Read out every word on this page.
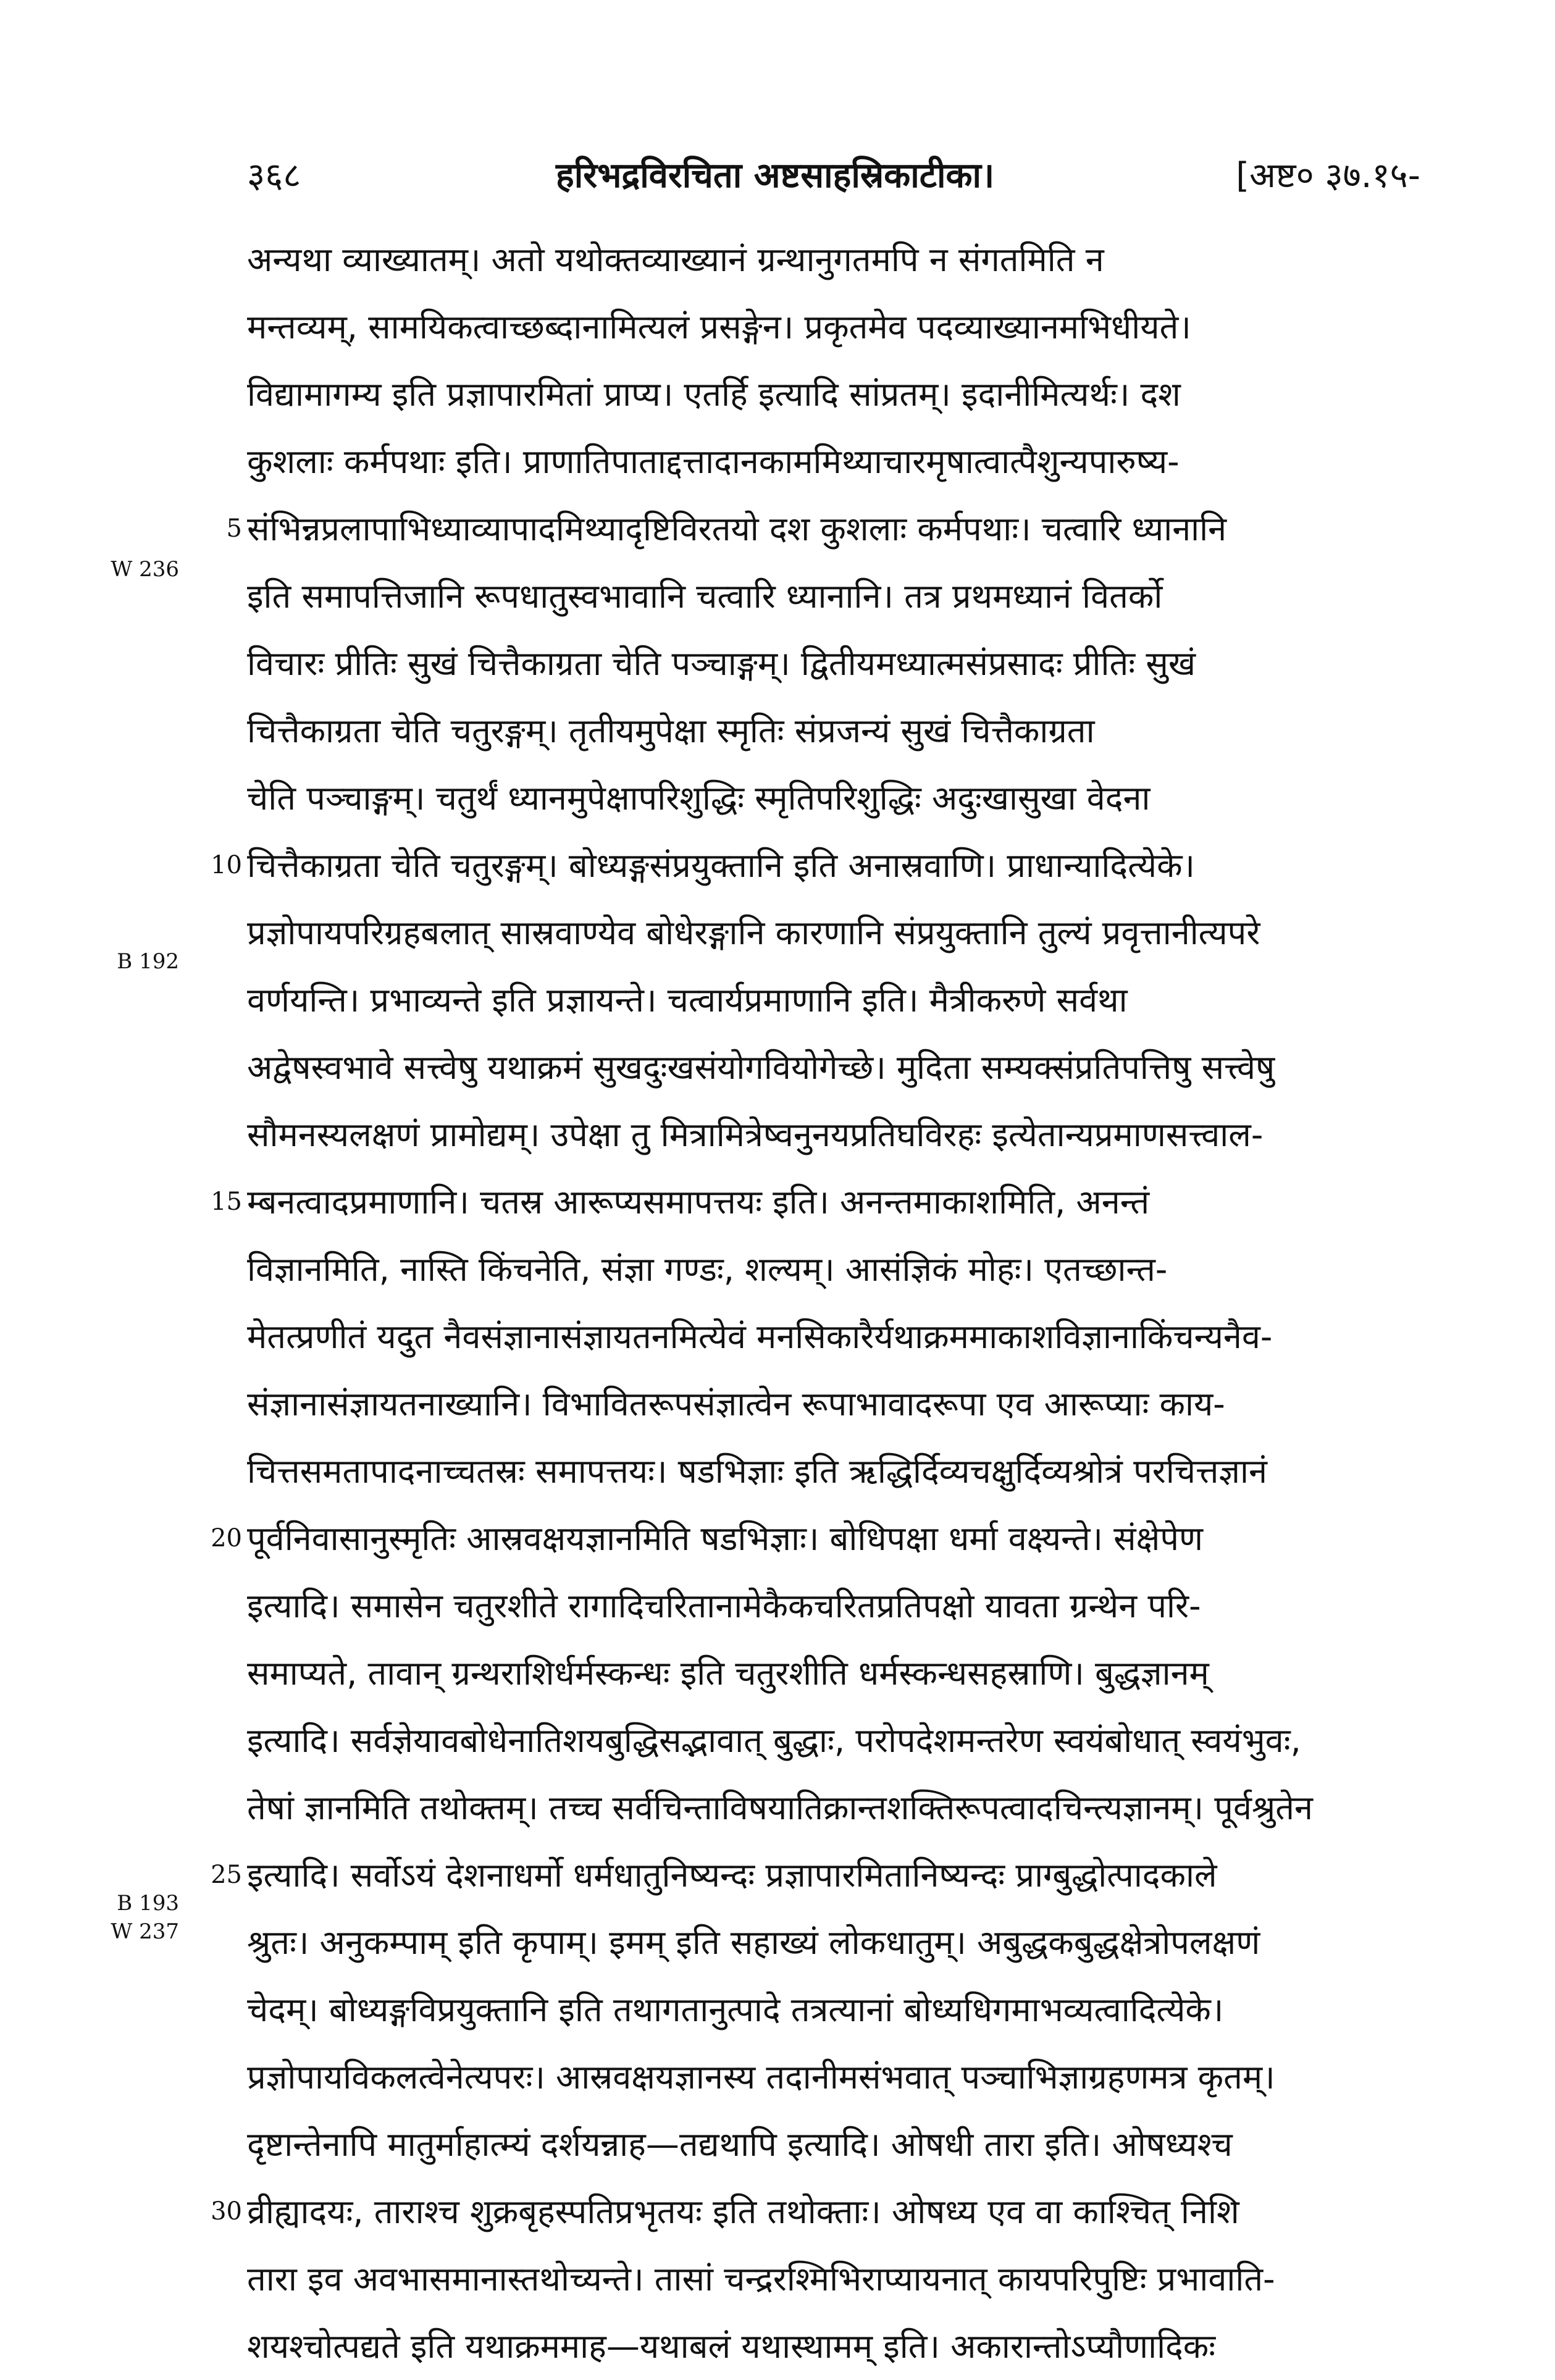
३६८	हरिभद्रविरचिता अष्टसाहस्रिकाटीका।	[अष्ट० ३७.१५-
W 236
B 192
B 193
W 237
अन्यथा व्याख्यातम्। अतो यथोक्तव्याख्यानं ग्रन्थानुगतमपि न संगतमिति न
मन्तव्यम्, सामयिकत्वाच्छब्दानामित्यलं प्रसङ्गेन। प्रकृतमेव पदव्याख्यानमभिधीयते।
विद्यामागम्य इति प्रज्ञापारमितां प्राप्य। एतर्हि इत्यादि सांप्रतम्। इदानीमित्यर्थः। दश
कुशलाः कर्मपथाः इति। प्राणातिपाताद्दत्तादानकाममिथ्याचारमृषात्वात्पैशुन्यपारुष्य-
5 संभिन्नप्रलापाभिध्याव्यापादमिथ्यादृष्टिविरतयो दश कुशलाः कर्मपथाः। चत्वारि ध्यानानि
इति समापत्तिजानि रूपधातुस्वभावानि चत्वारि ध्यानानि। तत्र प्रथमध्यानं वितर्को
विचारः प्रीतिः सुखं चित्तैकाग्रता चेति पञ्चाङ्गम्। द्वितीयमध्यात्मसंप्रसादः प्रीतिः सुखं
चित्तैकाग्रता चेति चतुरङ्गम्। तृतीयमुपेक्षा स्मृतिः संप्रजन्यं सुखं चित्तैकाग्रता
चेति पञ्चाङ्गम्। चतुर्थं ध्यानमुपेक्षापरिशुद्धिः स्मृतिपरिशुद्धिः अदुःखासुखा वेदना
10 चित्तैकाग्रता चेति चतुरङ्गम्। बोध्यङ्गसंप्रयुक्तानि इति अनास्रवाणि। प्राधान्यादित्येके।
प्रज्ञोपायपरिग्रहबलात् सास्रवाण्येव बोधेरङ्गानि कारणानि संप्रयुक्तानि तुल्यं प्रवृत्तानीत्यपरे
वर्णयन्ति। प्रभाव्यन्ते इति प्रज्ञायन्ते। चत्वार्यप्रमाणानि इति। मैत्रीकरुणे सर्वथा
अद्वेषस्वभावे सत्त्वेषु यथाक्रमं सुखदुःखसंयोगवियोगेच्छे। मुदिता सम्यक्संप्रतिपत्तिषु सत्त्वेषु
सौमनस्यलक्षणं प्रामोद्यम्। उपेक्षा तु मित्रामित्रेष्वनुनयप्रतिघविरहः इत्येतान्यप्रमाणसत्त्वाल-
15 म्बनत्वादप्रमाणानि। चतस्र आरूप्यसमापत्तयः इति। अनन्तमाकाशमिति, अनन्तं
विज्ञानमिति, नास्ति किंचनेति, संज्ञा गण्डः, शल्यम्। आसंज्ञिकं मोहः। एतच्छान्त-
मेतत्प्रणीतं यदुत नैवसंज्ञानासंज्ञायतनमित्येवं मनसिकारैर्यथाक्रममाकाशविज्ञानाकिंचन्यनैव-
संज्ञानासंज्ञायतनाख्यानि। विभावितरूपसंज्ञात्वेन रूपाभावादरूपा एव आरूप्याः काय-
चित्तसमतापादनाच्चतस्रः समापत्तयः। षडभिज्ञाः इति ऋद्धिर्दिव्यचक्षुर्दिव्यश्रोत्रं परचित्तज्ञानं
20 पूर्वनिवासानुस्मृतिः आस्रवक्षयज्ञानमिति षडभिज्ञाः। बोधिपक्षा धर्मा वक्ष्यन्ते। संक्षेपेण
इत्यादि। समासेन चतुरशीते रागादिचरितानामेकैकचरितप्रतिपक्षो यावता ग्रन्थेन परि-
समाप्यते, तावान् ग्रन्थराशिर्धर्मस्कन्धः इति चतुरशीति धर्मस्कन्धसहस्राणि। बुद्धज्ञानम्
इत्यादि। सर्वज्ञेयावबोधेनातिशयबुद्धिसद्भावात् बुद्धाः, परोपदेशमन्तरेण स्वयंबोधात् स्वयंभुवः,
तेषां ज्ञानमिति तथोक्तम्। तच्च सर्वचिन्ताविषयातिक्रान्तशक्तिरूपत्वादचिन्त्यज्ञानम्। पूर्वश्रुतेन
25 इत्यादि। सर्वोऽयं देशनाधर्मो धर्मधातुनिष्यन्दः प्रज्ञापारमितानिष्यन्दः प्राग्बुद्धोत्पादकाले
श्रुतः। अनुकम्पाम् इति कृपाम्। इमम् इति सहाख्यं लोकधातुम्। अबुद्धकबुद्धक्षेत्रोपलक्षणं
चेदम्। बोध्यङ्गविप्रयुक्तानि इति तथागतानुत्पादे तत्रत्यानां बोध्यधिगमाभव्यत्वादित्येके।
प्रज्ञोपायविकलत्वेनेत्यपरः। आस्रवक्षयज्ञानस्य तदानीमसंभवात् पञ्चाभिज्ञाग्रहणमत्र कृतम्।
दृष्टान्तेनापि मातुर्माहात्म्यं दर्शयन्नाह—तद्यथापि इत्यादि। ओषधी तारा इति। ओषध्यश्च
30 व्रीह्यादयः, ताराश्च शुक्रबृहस्पतिप्रभृतयः इति तथोक्ताः। ओषध्य एव वा काश्चित् निशि
तारा इव अवभासमानास्तथोच्यन्ते। तासां चन्द्ररश्मिभिराप्यायनात् कायपरिपुष्टिः प्रभावाति-
शयश्चोत्पद्यते इति यथाक्रममाह—यथाबलं यथास्थामम् इति। अकारान्तोऽप्यौणादिकः
